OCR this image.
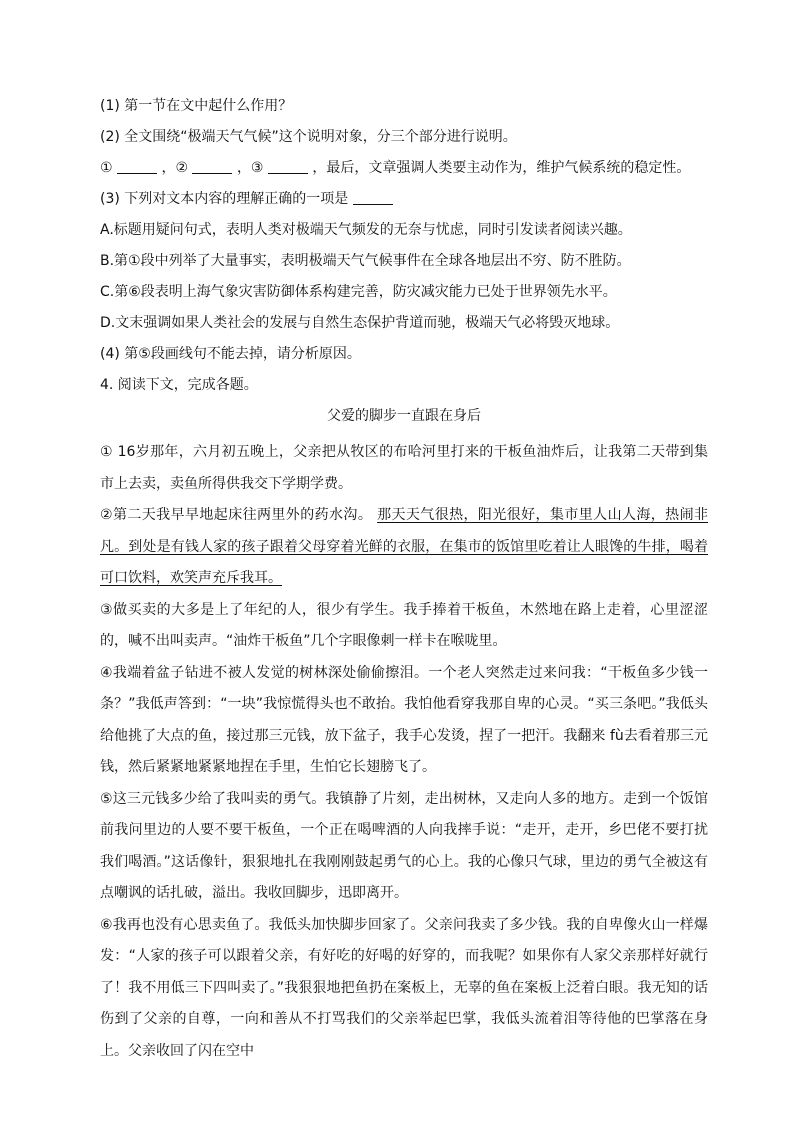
(1) 第一节在文中起什么作用？

(2) 全文围绕“极端天气气候”这个说明对象，分三个部分进行说明。

①	，②	，③	，最后，文章强调人类要主动作为，维护气候系统的稳定性。

(3) 下列对文本内容的理解正确的一项是

A.标题用疑问句式，表明人类对极端天气频发的无奈与忧虑，同时引发读者阅读兴趣。

B.第①段中列举了大量事实，表明极端天气气候事件在全球各地层出不穷、防不胜防。

C.第⑥段表明上海气象灾害防御体系构建完善，防灾减灾能力已处于世界领先水平。

D.文末强调如果人类社会的发展与自然生态保护背道而驰，极端天气必将毁灭地球。

(4) 第⑤段画线句不能去掉，请分析原因。

4. 阅读下文，完成各题。

父爱的脚步一直跟在身后

① 16岁那年，六月初五晚上，父亲把从牧区的布哈河里打来的干板鱼油炸后，让我第二天带到集市上去卖，卖鱼所得供我交下学期学费。

②第二天我早早地起床往两里外的药水沟。 那天天气很热，阳光很好，集市里人山人海，热闹非凡。到处是有钱人家的孩子跟着父母穿着光鲜的衣服，在集市的饭馆里吃着让人眼馋的牛排，喝着可口饮料，欢笑声充斥我耳。

③做买卖的大多是上了年纪的人，很少有学生。我手捧着干板鱼，木然地在路上走着，心里涩涩的，喊不出叫卖声。“油炸干板鱼”几个字眼像刺一样卡在喉咙里。

④我端着盆子钻进不被人发觉的树林深处偷偷擦泪。一个老人突然走过来问我：“干板鱼多少钱一条？”我低声答到：“一块”我惊慌得头也不敢抬。我怕他看穿我那自卑的心灵。“买三条吧。”我低头给他挑了大点的鱼，接过那三元钱，放下盆子，我手心发烫，捏了一把汗。我翻来 fù去看着那三元钱，然后紧紧地紧紧地捏在手里，生怕它长翅膀飞了。

⑤这三元钱多少给了我叫卖的勇气。我镇静了片刻，走出树林，又走向人多的地方。走到一个饭馆前我问里边的人要不要干板鱼，一个正在喝啤酒的人向我摔手说：“走开，走开，乡巴佬不要打扰我们喝酒。”这话像针，狠狠地扎在我刚刚鼓起勇气的心上。我的心像只气球，里边的勇气全被这有点嘲讽的话扎破，溢出。我收回脚步，迅即离开。

⑥我再也没有心思卖鱼了。我低头加快脚步回家了。父亲问我卖了多少钱。我的自卑像火山一样爆发：“人家的孩子可以跟着父亲，有好吃的好喝的好穿的，而我呢？如果你有人家父亲那样好就行了！我不用低三下四叫卖了。”我狠狠地把鱼扔在案板上，无辜的鱼在案板上泛着白眼。我无知的话伤到了父亲的自尊，一向和善从不打骂我们的父亲举起巴掌，我低头流着泪等待他的巴掌落在身上。父亲收回了闪在空中
